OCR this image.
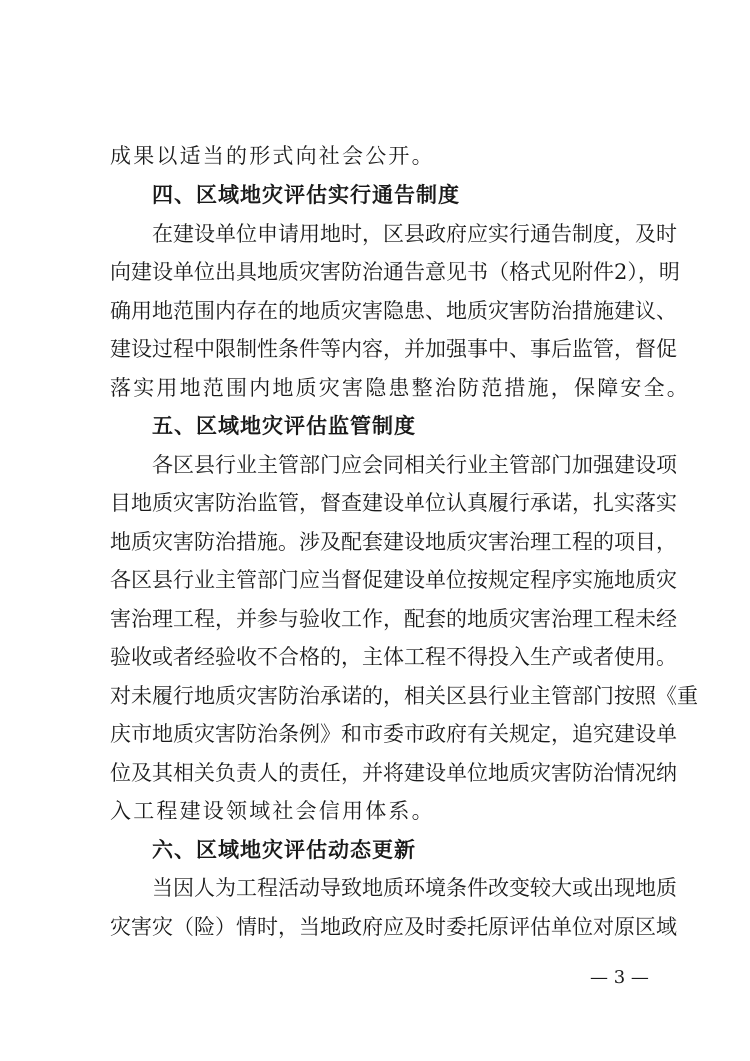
成果以适当的形式向社会公开。
四、区域地灾评估实行通告制度
在建设单位申请用地时，区县政府应实行通告制度，及时
向建设单位出具地质灾害防治通告意见书（格式见附件2），明
确用地范围内存在的地质灾害隐患、地质灾害防治措施建议、
建设过程中限制性条件等内容，并加强事中、事后监管，督促
落实用地范围内地质灾害隐患整治防范措施，保障安全。
五、区域地灾评估监管制度
各区县行业主管部门应会同相关行业主管部门加强建设项
目地质灾害防治监管，督查建设单位认真履行承诺，扎实落实
地质灾害防治措施。涉及配套建设地质灾害治理工程的项目，
各区县行业主管部门应当督促建设单位按规定程序实施地质灾
害治理工程，并参与验收工作，配套的地质灾害治理工程未经
验收或者经验收不合格的，主体工程不得投入生产或者使用。
对未履行地质灾害防治承诺的，相关区县行业主管部门按照《重
庆市地质灾害防治条例》和市委市政府有关规定，追究建设单
位及其相关负责人的责任，并将建设单位地质灾害防治情况纳
入工程建设领域社会信用体系。
六、区域地灾评估动态更新
当因人为工程活动导致地质环境条件改变较大或出现地质
灾害灾（险）情时，当地政府应及时委托原评估单位对原区域
— 3 —
